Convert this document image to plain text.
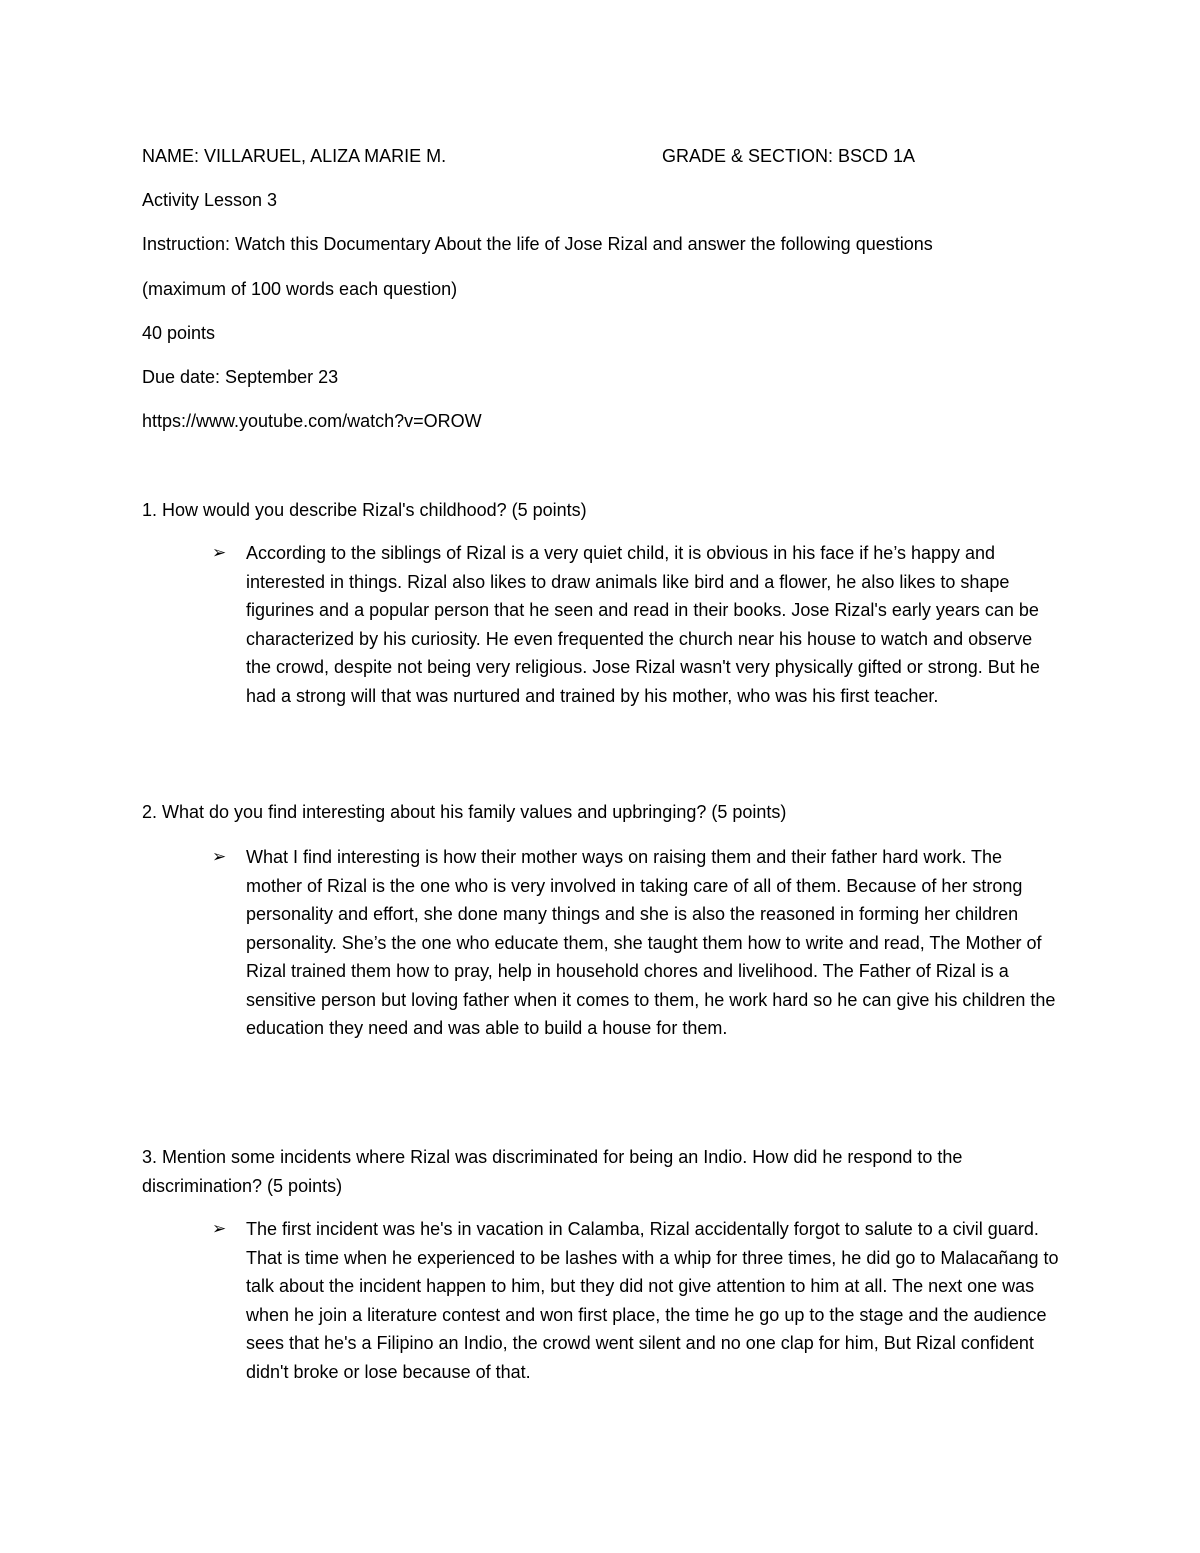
NAME: VILLARUEL, ALIZA MARIE M.	GRADE & SECTION: BSCD 1A
Activity Lesson 3
Instruction: Watch this Documentary About the life of Jose Rizal and answer the following questions
(maximum of 100 words each question)
40 points
Due date: September 23
https://www.youtube.com/watch?v=OROW
1. How would you describe Rizal's childhood? (5 points)
➢ According to the siblings of Rizal is a very quiet child, it is obvious in his face if he’s happy and interested in things. Rizal also likes to draw animals like bird and a flower, he also likes to shape figurines and a popular person that he seen and read in their books. Jose Rizal's early years can be characterized by his curiosity. He even frequented the church near his house to watch and observe the crowd, despite not being very religious. Jose Rizal wasn't very physically gifted or strong. But he had a strong will that was nurtured and trained by his mother, who was his first teacher.
2. What do you find interesting about his family values and upbringing? (5 points)
➢ What I find interesting is how their mother ways on raising them and their father hard work. The mother of Rizal is the one who is very involved in taking care of all of them. Because of her strong personality and effort, she done many things and she is also the reasoned in forming her children personality. She’s the one who educate them, she taught them how to write and read, The Mother of Rizal trained them how to pray, help in household chores and livelihood. The Father of Rizal is a sensitive person but loving father when it comes to them, he work hard so he can give his children the education they need and was able to build a house for them.
3. Mention some incidents where Rizal was discriminated for being an Indio. How did he respond to the discrimination? (5 points)
➢ The first incident was he's in vacation in Calamba, Rizal accidentally forgot to salute to a civil guard. That is time when he experienced to be lashes with a whip for three times, he did go to Malacañang to talk about the incident happen to him, but they did not give attention to him at all. The next one was when he join a literature contest and won first place, the time he go up to the stage and the audience sees that he's a Filipino an Indio, the crowd went silent and no one clap for him, But Rizal confident didn't broke or lose because of that.
